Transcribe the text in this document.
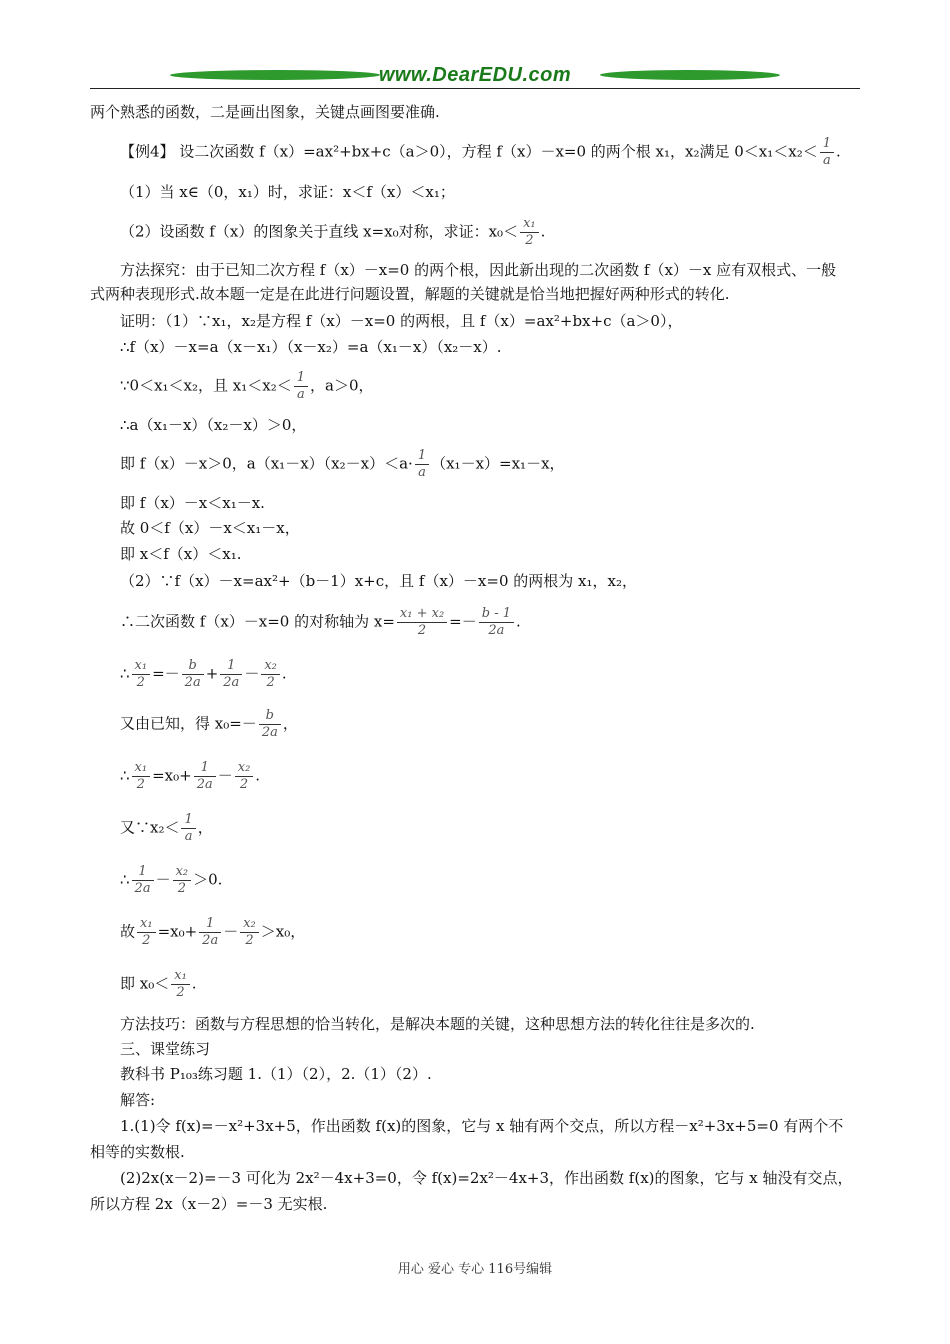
www.DearEDU.com
两个熟悉的函数，二是画出图象，关键点画图要准确.
【例4】 设二次函数 f（x）=ax²+bx+c（a＞0），方程 f（x）－x=0 的两个根 x₁，x₂满足 $0<x_1<x_2< \frac{1}{a}$ .
（1）当 x∈（0，x₁）时，求证：x＜f（x）＜x₁；
（2）设函数 f（x）的图象关于直线 x=x₀对称，求证：$x_0< \frac{\text{x₁}}{2}$ .
方法探究：由于已知二次方程 f（x）－x=0 的两个根，因此新出现的二次函数 f（x）－x 应有双根式、一般
式两种表现形式.故本题一定是在此进行问题设置，解题的关键就是恰当地把握好两种形式的转化.
证明：（1）∵x₁，x₂是方程 f（x）－x=0 的两根，且 f（x）=ax²+bx+c（a＞0），
∴f（x）－x=a（x－x₁）（x－x₂）=a（x₁－x）（x₂－x）.
∵0＜x₁＜x₂，且 $x_1<x_2< \frac{1}{a}$ ，a＞0，
∴a（x₁－x）（x₂－x）＞0，
即 f（x）－x＞0，$a(x_1-x)(x_2-x)<a\cdot \frac{1}{a} (x_1-x)=x_1-x$，
即 f（x）－x＜x₁－x.
故 0＜f（x）－x＜x₁－x，
即 x＜f（x）＜x₁.
（2）∵f（x）－x=ax²+（b－1）x+c，且 f（x）－x=0 的两根为 x₁，x₂，
∴二次函数 f（x）－x=0 的对称轴为 $x= \frac{\text{x₁ + x₂}}{2} =- \frac{b - 1}{2a}$ .
∴ $\frac{\text{x₁}}{2} =- \frac{b}{2a} + \frac{1}{2a} - \frac{\text{x₂}}{2}$ .
又由已知，得 $x_0=- \frac{b}{2a}$ ，
∴ $\frac{\text{x₁}}{2} =x_0+ \frac{1}{2a} - \frac{\text{x₂}}{2}$ .
又∵x₂＜ $\frac{1}{a}$ ，
∴ $\frac{1}{2a} - \frac{\text{x₂}}{2} >0$.
故 $\frac{\text{x₁}}{2} =x_0+ \frac{1}{2a} - \frac{\text{x₂}}{2} >x_0$，
即 $x_0< \frac{\text{x₁}}{2}$ .
方法技巧：函数与方程思想的恰当转化，是解决本题的关键，这种思想方法的转化往往是多次的.
三、课堂练习
教科书 P₁₀₃练习题 1.（1）（2），2.（1）（2）.
解答:
1.(1)令 f(x)=－x²+3x+5，作出函数 f(x)的图象，它与 x 轴有两个交点，所以方程－x²+3x+5=0 有两个不
相等的实数根.
(2)2x(x－2)=－3 可化为 2x²－4x+3=0，令 f(x)=2x²－4x+3，作出函数 f(x)的图象，它与 x 轴没有交点，
所以方程 2x（x－2）=－3 无实根.
用心 爱心 专心 116号编辑
